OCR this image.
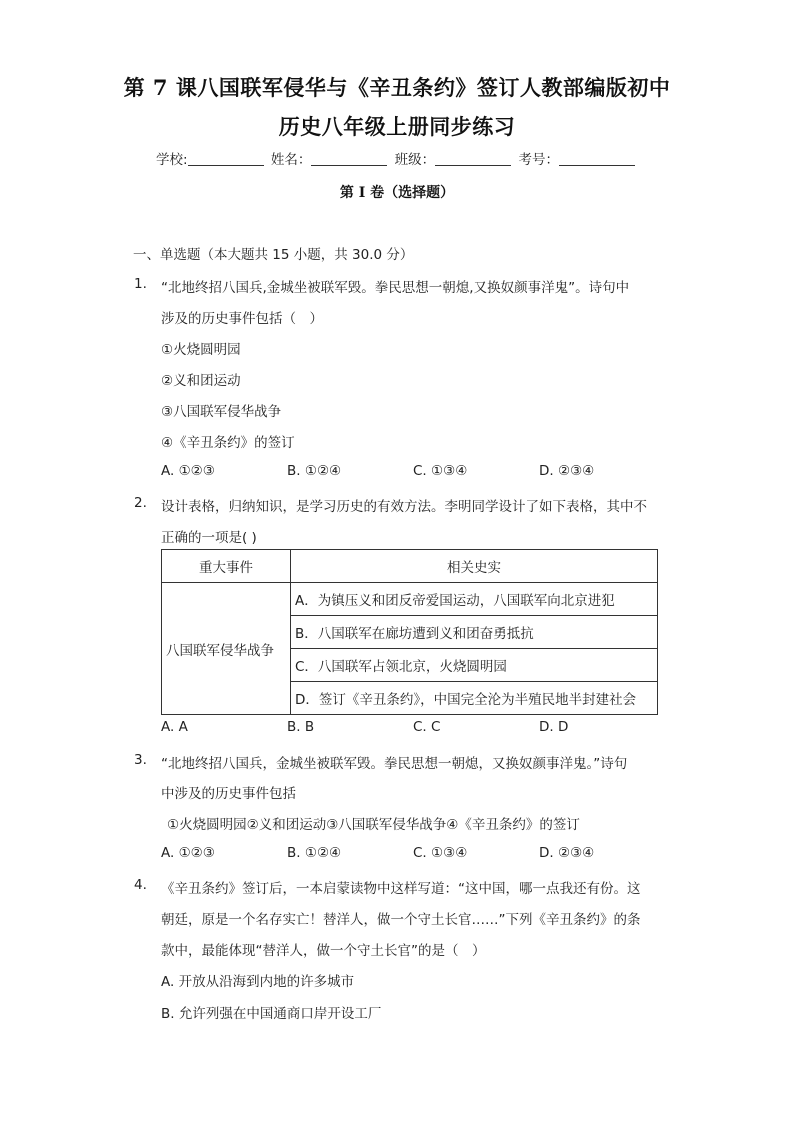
第 7 课八国联军侵华与《辛丑条约》签订人教部编版初中
历史八年级上册同步练习
学校:	姓名：	班级：	考号：
第 I 卷（选择题）
一、单选题（本大题共 15 小题，共 30.0 分）
1. “北地终招八国兵,金城坐被联军毁。拳民思想一朝熄,又换奴颜事洋鬼”。诗句中
涉及的历史事件包括（　）
①火烧圆明园
②义和团运动
③八国联军侵华战争
④《辛丑条约》的签订
A. ①②③	B. ①②④	C. ①③④	D. ②③④
2. 设计表格，归纳知识，是学习历史的有效方法。李明同学设计了如下表格，其中不
正确的一项是( )
重大事件	相关史实
八国联军侵华战争	A．为镇压义和团反帝爱国运动，八国联军向北京进犯
	B．八国联军在廊坊遭到义和团奋勇抵抗
	C．八国联军占领北京，火烧圆明园
	D．签订《辛丑条约》，中国完全沦为半殖民地半封建社会
A. A	B. B	C. C	D. D
3. “北地终招八国兵，金城坐被联军毁。拳民思想一朝熄，又换奴颜事洋鬼。”诗句
中涉及的历史事件包括
①火烧圆明园②义和团运动③八国联军侵华战争④《辛丑条约》的签订
A. ①②③	B. ①②④	C. ①③④	D. ②③④
4. 《辛丑条约》签订后，一本启蒙读物中这样写道：“这中国，哪一点我还有份。这
朝廷，原是一个名存实亡！替洋人，做一个守土长官……”下列《辛丑条约》的条
款中，最能体现“替洋人，做一个守土长官”的是（　）
A. 开放从沿海到内地的许多城市
B. 允许列强在中国通商口岸开设工厂
